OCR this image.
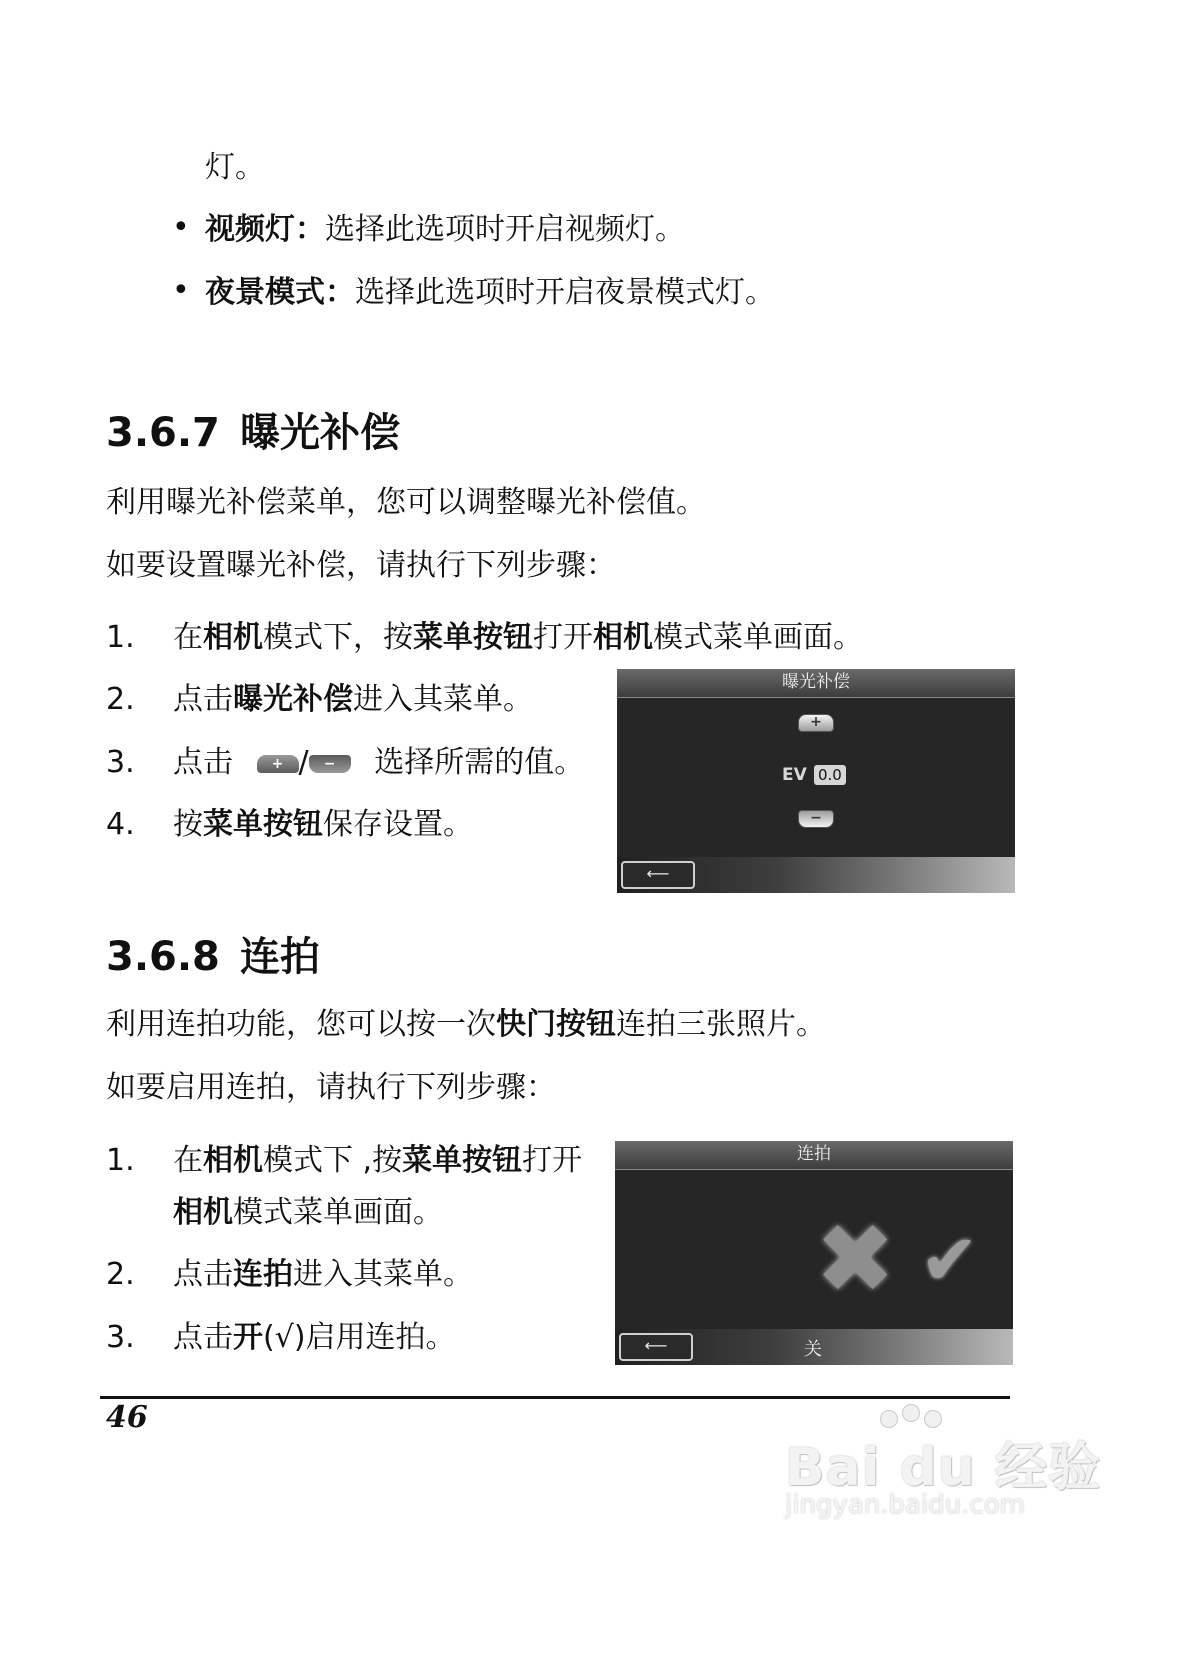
灯。
• 视频灯：选择此选项时开启视频灯。
• 夜景模式：选择此选项时开启夜景模式灯。
3.6.7 曝光补偿
利用曝光补偿菜单，您可以调整曝光补偿值。
如要设置曝光补偿，请执行下列步骤：
1. 在相机模式下，按菜单按钮打开相机模式菜单画面。
2. 点击曝光补偿进入其菜单。
3. 点击	+ / − 选择所需的值。
4. 按菜单按钮保存设置。
曝光补偿
+
EV 0.0
−
⟵
3.6.8 连拍
利用连拍功能，您可以按一次快门按钮连拍三张照片。
如要启用连拍，请执行下列步骤：
1. 在相机模式下 ,按菜单按钮打开
相机模式菜单画面。
2. 点击连拍进入其菜单。
3. 点击开(√)启用连拍。
连拍
✖ ✔
⟵	关
46
Bai du 经验
jingyan.baidu.com
